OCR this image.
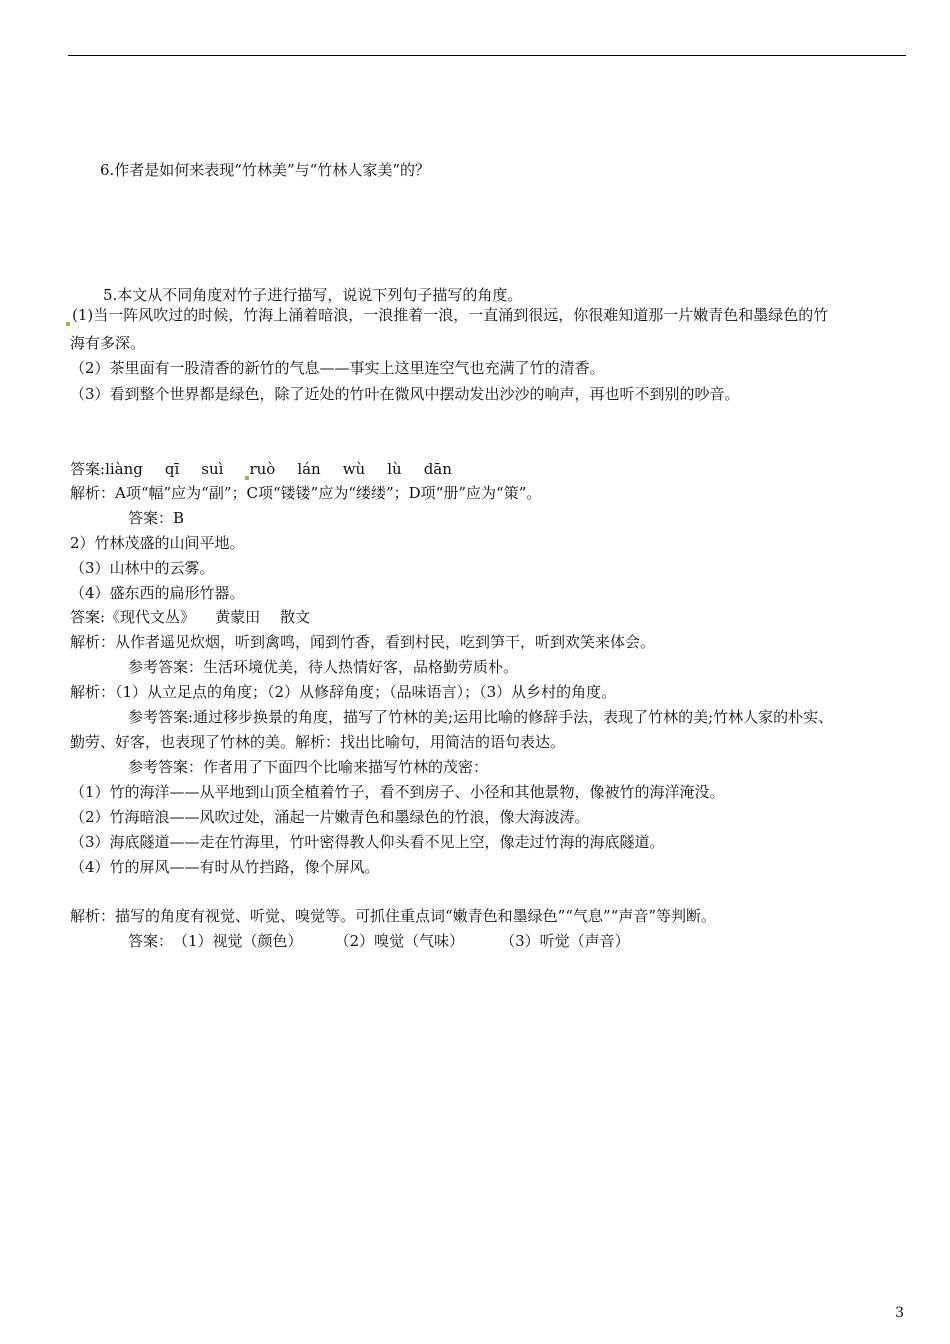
6.作者是如何来表现“竹林美”与“竹林人家美”的？
5.本文从不同角度对竹子进行描写，说说下列句子描写的角度。
(1)当一阵风吹过的时候，竹海上涌着暗浪，一浪推着一浪，一直涌到很远，你很难知道那一片嫩青色和墨绿色的竹
海有多深。
（2）茶里面有一股清香的新竹的气息——事实上这里连空气也充满了竹的清香。
（3）看到整个世界都是绿色，除了近处的竹叶在微风中摆动发出沙沙的响声，再也听不到别的吵音。
答案:liàng qī suì ruò lán wù lù dān
解析：A项“幅”应为“副”；C项“镂镂”应为“缕缕”；D项“册”应为“策”。
答案：B
2）竹林茂盛的山间平地。
（3）山林中的云雾。
（4）盛东西的扁形竹器。
答案:《现代文丛》 黄蒙田 散文
解析：从作者遥见炊烟，听到禽鸣，闻到竹香，看到村民，吃到笋干，听到欢笑来体会。
参考答案：生活环境优美，待人热情好客，品格勤劳质朴。
解析：（1）从立足点的角度；（2）从修辞角度；（品味语言）；（3）从乡村的角度。
参考答案:通过移步换景的角度，描写了竹林的美;运用比喻的修辞手法，表现了竹林的美;竹林人家的朴实、
勤劳、好客，也表现了竹林的美。解析：找出比喻句，用简洁的语句表达。
参考答案：作者用了下面四个比喻来描写竹林的茂密：
（1）竹的海洋——从平地到山顶全植着竹子，看不到房子、小径和其他景物，像被竹的海洋淹没。
（2）竹海暗浪——风吹过处，涌起一片嫩青色和墨绿色的竹浪，像大海波涛。
（3）海底隧道——走在竹海里，竹叶密得教人仰头看不见上空，像走过竹海的海底隧道。
（4）竹的屏风——有时从竹挡路，像个屏风。
解析：描写的角度有视觉、听觉、嗅觉等。可抓住重点词“嫩青色和墨绿色”“气息”“声音”等判断。
答案：（1）视觉（颜色） （2）嗅觉（气味） （3）听觉（声音）
3
